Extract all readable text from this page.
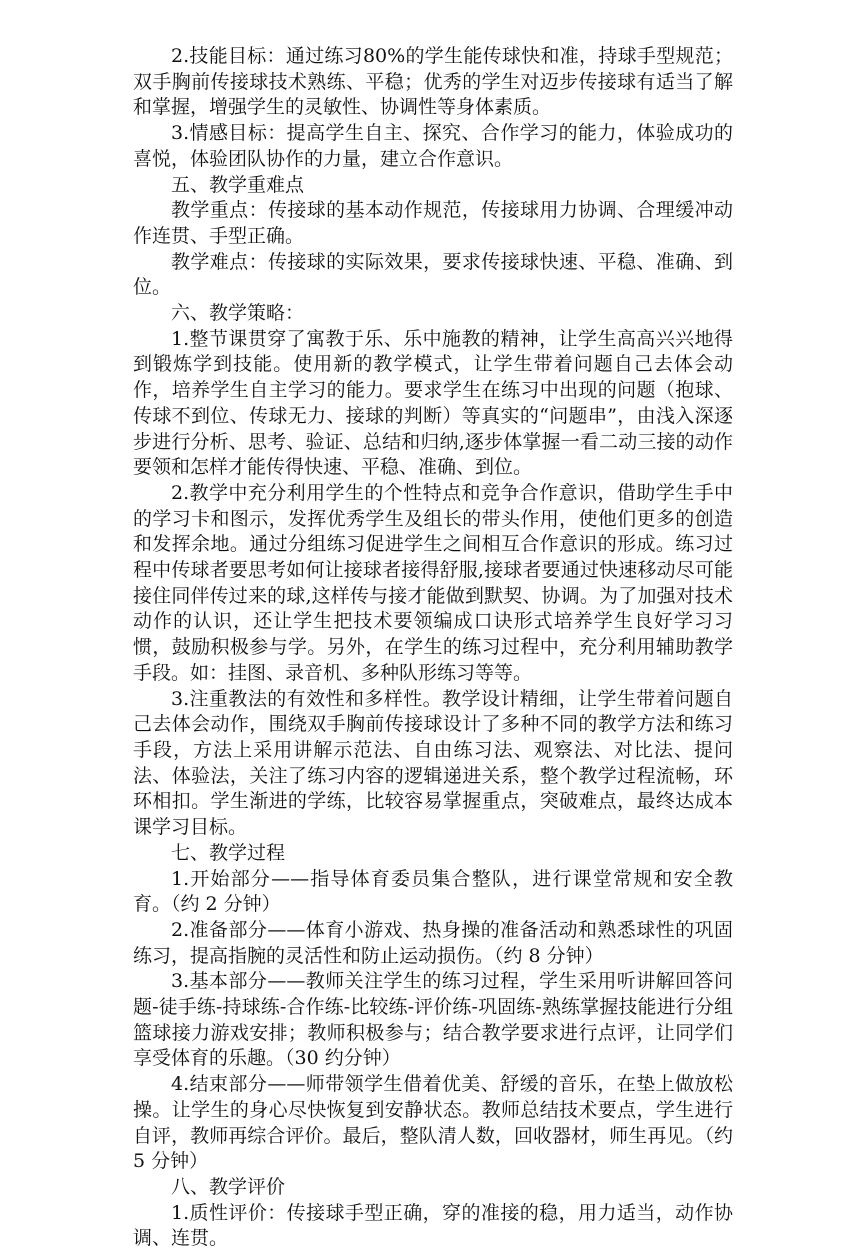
2.技能目标：通过练习80%的学生能传球快和准，持球手型规范；双手胸前传接球技术熟练、平稳；优秀的学生对迈步传接球有适当了解和掌握，增强学生的灵敏性、协调性等身体素质。

3.情感目标：提高学生自主、探究、合作学习的能力，体验成功的喜悦，体验团队协作的力量，建立合作意识。

五、教学重难点

教学重点：传接球的基本动作规范，传接球用力协调、合理缓冲动作连贯、手型正确。

教学难点：传接球的实际效果，要求传接球快速、平稳、准确、到位。

六、教学策略：

1.整节课贯穿了寓教于乐、乐中施教的精神，让学生高高兴兴地得到锻炼学到技能。使用新的教学模式，让学生带着问题自己去体会动作，培养学生自主学习的能力。要求学生在练习中出现的问题（抱球、传球不到位、传球无力、接球的判断）等真实的“问题串”，由浅入深逐步进行分析、思考、验证、总结和归纳,逐步体掌握一看二动三接的动作要领和怎样才能传得快速、平稳、准确、到位。

2.教学中充分利用学生的个性特点和竞争合作意识，借助学生手中的学习卡和图示，发挥优秀学生及组长的带头作用，使他们更多的创造和发挥余地。通过分组练习促进学生之间相互合作意识的形成。练习过程中传球者要思考如何让接球者接得舒服,接球者要通过快速移动尽可能接住同伴传过来的球,这样传与接才能做到默契、协调。为了加强对技术动作的认识，还让学生把技术要领编成口诀形式培养学生良好学习习惯，鼓励积极参与学。另外，在学生的练习过程中，充分利用辅助教学手段。如：挂图、录音机、多种队形练习等等。

3.注重教法的有效性和多样性。教学设计精细，让学生带着问题自己去体会动作，围绕双手胸前传接球设计了多种不同的教学方法和练习手段，方法上采用讲解示范法、自由练习法、观察法、对比法、提问法、体验法，关注了练习内容的逻辑递进关系，整个教学过程流畅，环环相扣。学生渐进的学练，比较容易掌握重点，突破难点，最终达成本课学习目标。

七、教学过程

1.开始部分——指导体育委员集合整队，进行课堂常规和安全教育。（约 2 分钟）

2.准备部分——体育小游戏、热身操的准备活动和熟悉球性的巩固练习，提高指腕的灵活性和防止运动损伤。（约 8 分钟）

3.基本部分——教师关注学生的练习过程，学生采用听讲解回答问题-徒手练-持球练-合作练-比较练-评价练-巩固练-熟练掌握技能进行分组篮球接力游戏安排；教师积极参与；结合教学要求进行点评，让同学们享受体育的乐趣。（30 约分钟）

4.结束部分——师带领学生借着优美、舒缓的音乐，在垫上做放松操。让学生的身心尽快恢复到安静状态。教师总结技术要点，学生进行自评，教师再综合评价。最后，整队清人数，回收器材，师生再见。（约 5 分钟）

八、教学评价

1.质性评价：传接球手型正确，穿的准接的稳，用力适当，动作协调、连贯。
